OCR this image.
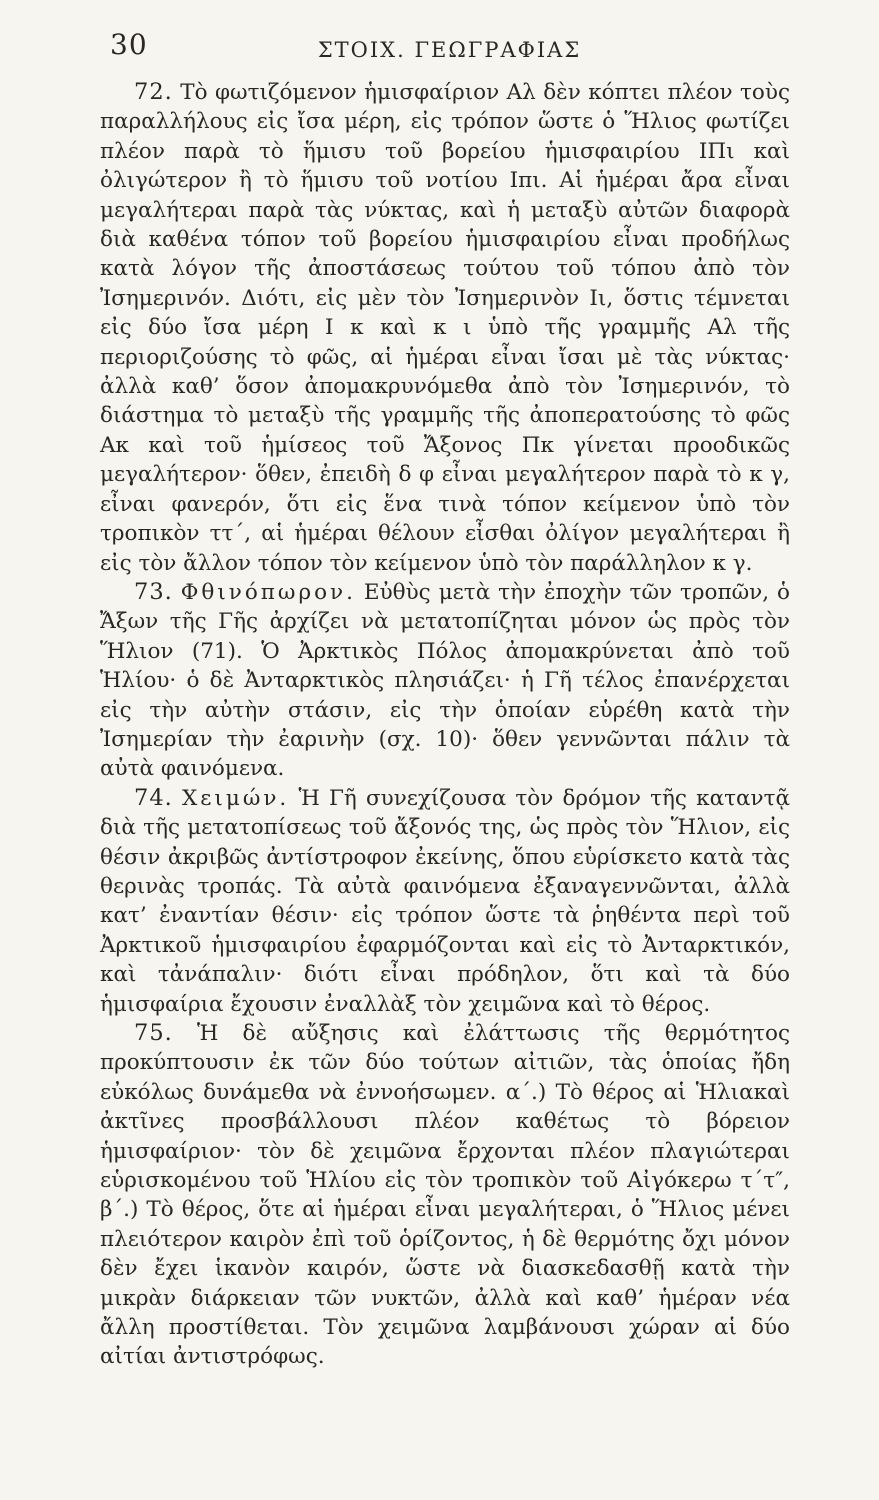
30	ΣΤΟΙΧ. ΓΕΩΓΡΑΦΙΑΣ

72. Τὸ φωτιζόμενον ἡμισφαίριον Αλ δὲν κόπτει πλέον τοὺς παραλλήλους εἰς ἴσα μέρη, εἰς τρόπον ὥστε ὁ Ἥλιος φωτίζει πλέον παρὰ τὸ ἥμισυ τοῦ βορείου ἡμισφαιρίου ΙΠι καὶ ὀλιγώτερον ἢ τὸ ἥμισυ τοῦ νοτίου Ιπι. Αἱ ἡμέραι ἄρα εἶναι μεγαλήτεραι παρὰ τὰς νύκτας, καὶ ἡ μεταξὺ αὐτῶν διαφορὰ διὰ καθένα τόπον τοῦ βορείου ἡμισφαιρίου εἶναι προδήλως κατὰ λόγον τῆς ἀποστάσεως τούτου τοῦ τόπου ἀπὸ τὸν Ἰσημερινόν. Διότι, εἰς μὲν τὸν Ἰσημερινὸν Ιι, ὅστις τέμνεται εἰς δύο ἴσα μέρη Ι κ καὶ κ ι ὑπὸ τῆς γραμμῆς Αλ τῆς περιοριζούσης τὸ φῶς, αἱ ἡμέραι εἶναι ἴσαι μὲ τὰς νύκτας· ἀλλὰ καθ’ ὅσον ἀπομακρυνόμεθα ἀπὸ τὸν Ἰσημερινόν, τὸ διάστημα τὸ μεταξὺ τῆς γραμμῆς τῆς ἀποπερατούσης τὸ φῶς Ακ καὶ τοῦ ἡμίσεος τοῦ Ἄξονος Πκ γίνεται προοδικῶς μεγαλήτερον· ὅθεν, ἐπειδὴ δ φ εἶναι μεγαλήτερον παρὰ τὸ κ γ, εἶναι φανερόν, ὅτι εἰς ἕνα τινὰ τόπον κείμενον ὑπὸ τὸν τροπικὸν ττ΄, αἱ ἡμέραι θέλουν εἶσθαι ὀλίγον μεγαλήτεραι ἢ εἰς τὸν ἄλλον τόπον τὸν κείμενον ὑπὸ τὸν παράλληλον κ γ.

73. Φθινόπωρον. Εὐθὺς μετὰ τὴν ἐποχὴν τῶν τροπῶν, ὁ Ἄξων τῆς Γῆς ἀρχίζει νὰ μετατοπίζηται μόνον ὡς πρὸς τὸν Ἥλιον (71). Ὁ Ἀρκτικὸς Πόλος ἀπομακρύνεται ἀπὸ τοῦ Ἡλίου· ὁ δὲ Ἀνταρκτικὸς πλησιάζει· ἡ Γῆ τέλος ἐπανέρχεται εἰς τὴν αὐτὴν στάσιν, εἰς τὴν ὁποίαν εὑρέθη κατὰ τὴν Ἰσημερίαν τὴν ἐαρινὴν (σχ. 10)· ὅθεν γεννῶνται πάλιν τὰ αὐτὰ φαινόμενα.

74. Χειμών. Ἡ Γῆ συνεχίζουσα τὸν δρόμον τῆς καταντᾷ διὰ τῆς μετατοπίσεως τοῦ ἄξονός της, ὡς πρὸς τὸν Ἥλιον, εἰς θέσιν ἀκριβῶς ἀντίστροφον ἐκείνης, ὅπου εὑρίσκετο κατὰ τὰς θερινὰς τροπάς. Τὰ αὐτὰ φαινόμενα ἐξαναγεννῶνται, ἀλλὰ κατ’ ἐναντίαν θέσιν· εἰς τρόπον ὥστε τὰ ῥηθέντα περὶ τοῦ Ἀρκτικοῦ ἡμισφαιρίου ἐφαρμόζονται καὶ εἰς τὸ Ἀνταρκτικόν, καὶ τἀνάπαλιν· διότι εἶναι πρόδηλον, ὅτι καὶ τὰ δύο ἡμισφαίρια ἔχουσιν ἐναλλὰξ τὸν χειμῶνα καὶ τὸ θέρος.

75. Ἡ δὲ αὔξησις καὶ ἐλάττωσις τῆς θερμότητος προκύπτουσιν ἐκ τῶν δύο τούτων αἰτιῶν, τὰς ὁποίας ἤδη εὐκόλως δυνάμεθα νὰ ἐννοήσωμεν. α΄.) Τὸ θέρος αἱ Ἡλιακαὶ ἀκτῖνες προσβάλλουσι πλέον καθέτως τὸ βόρειον ἡμισφαίριον· τὸν δὲ χειμῶνα ἔρχονται πλέον πλαγιώτεραι εὑρισκομένου τοῦ Ἡλίου εἰς τὸν τροπικὸν τοῦ Αἰγόκερω τ΄τ″, β΄.) Τὸ θέρος, ὅτε αἱ ἡμέραι εἶναι μεγαλήτεραι, ὁ Ἥλιος μένει πλειότερον καιρὸν ἐπὶ τοῦ ὁρίζοντος, ἡ δὲ θερμότης ὄχι μόνον δὲν ἔχει ἱκανὸν καιρόν, ὥστε νὰ διασκεδασθῇ κατὰ τὴν μικρὰν διάρκειαν τῶν νυκτῶν, ἀλλὰ καὶ καθ’ ἡμέραν νέα ἄλλη προστίθεται. Τὸν χειμῶνα λαμβάνουσι χώραν αἱ δύο αἰτίαι ἀντιστρόφως.
